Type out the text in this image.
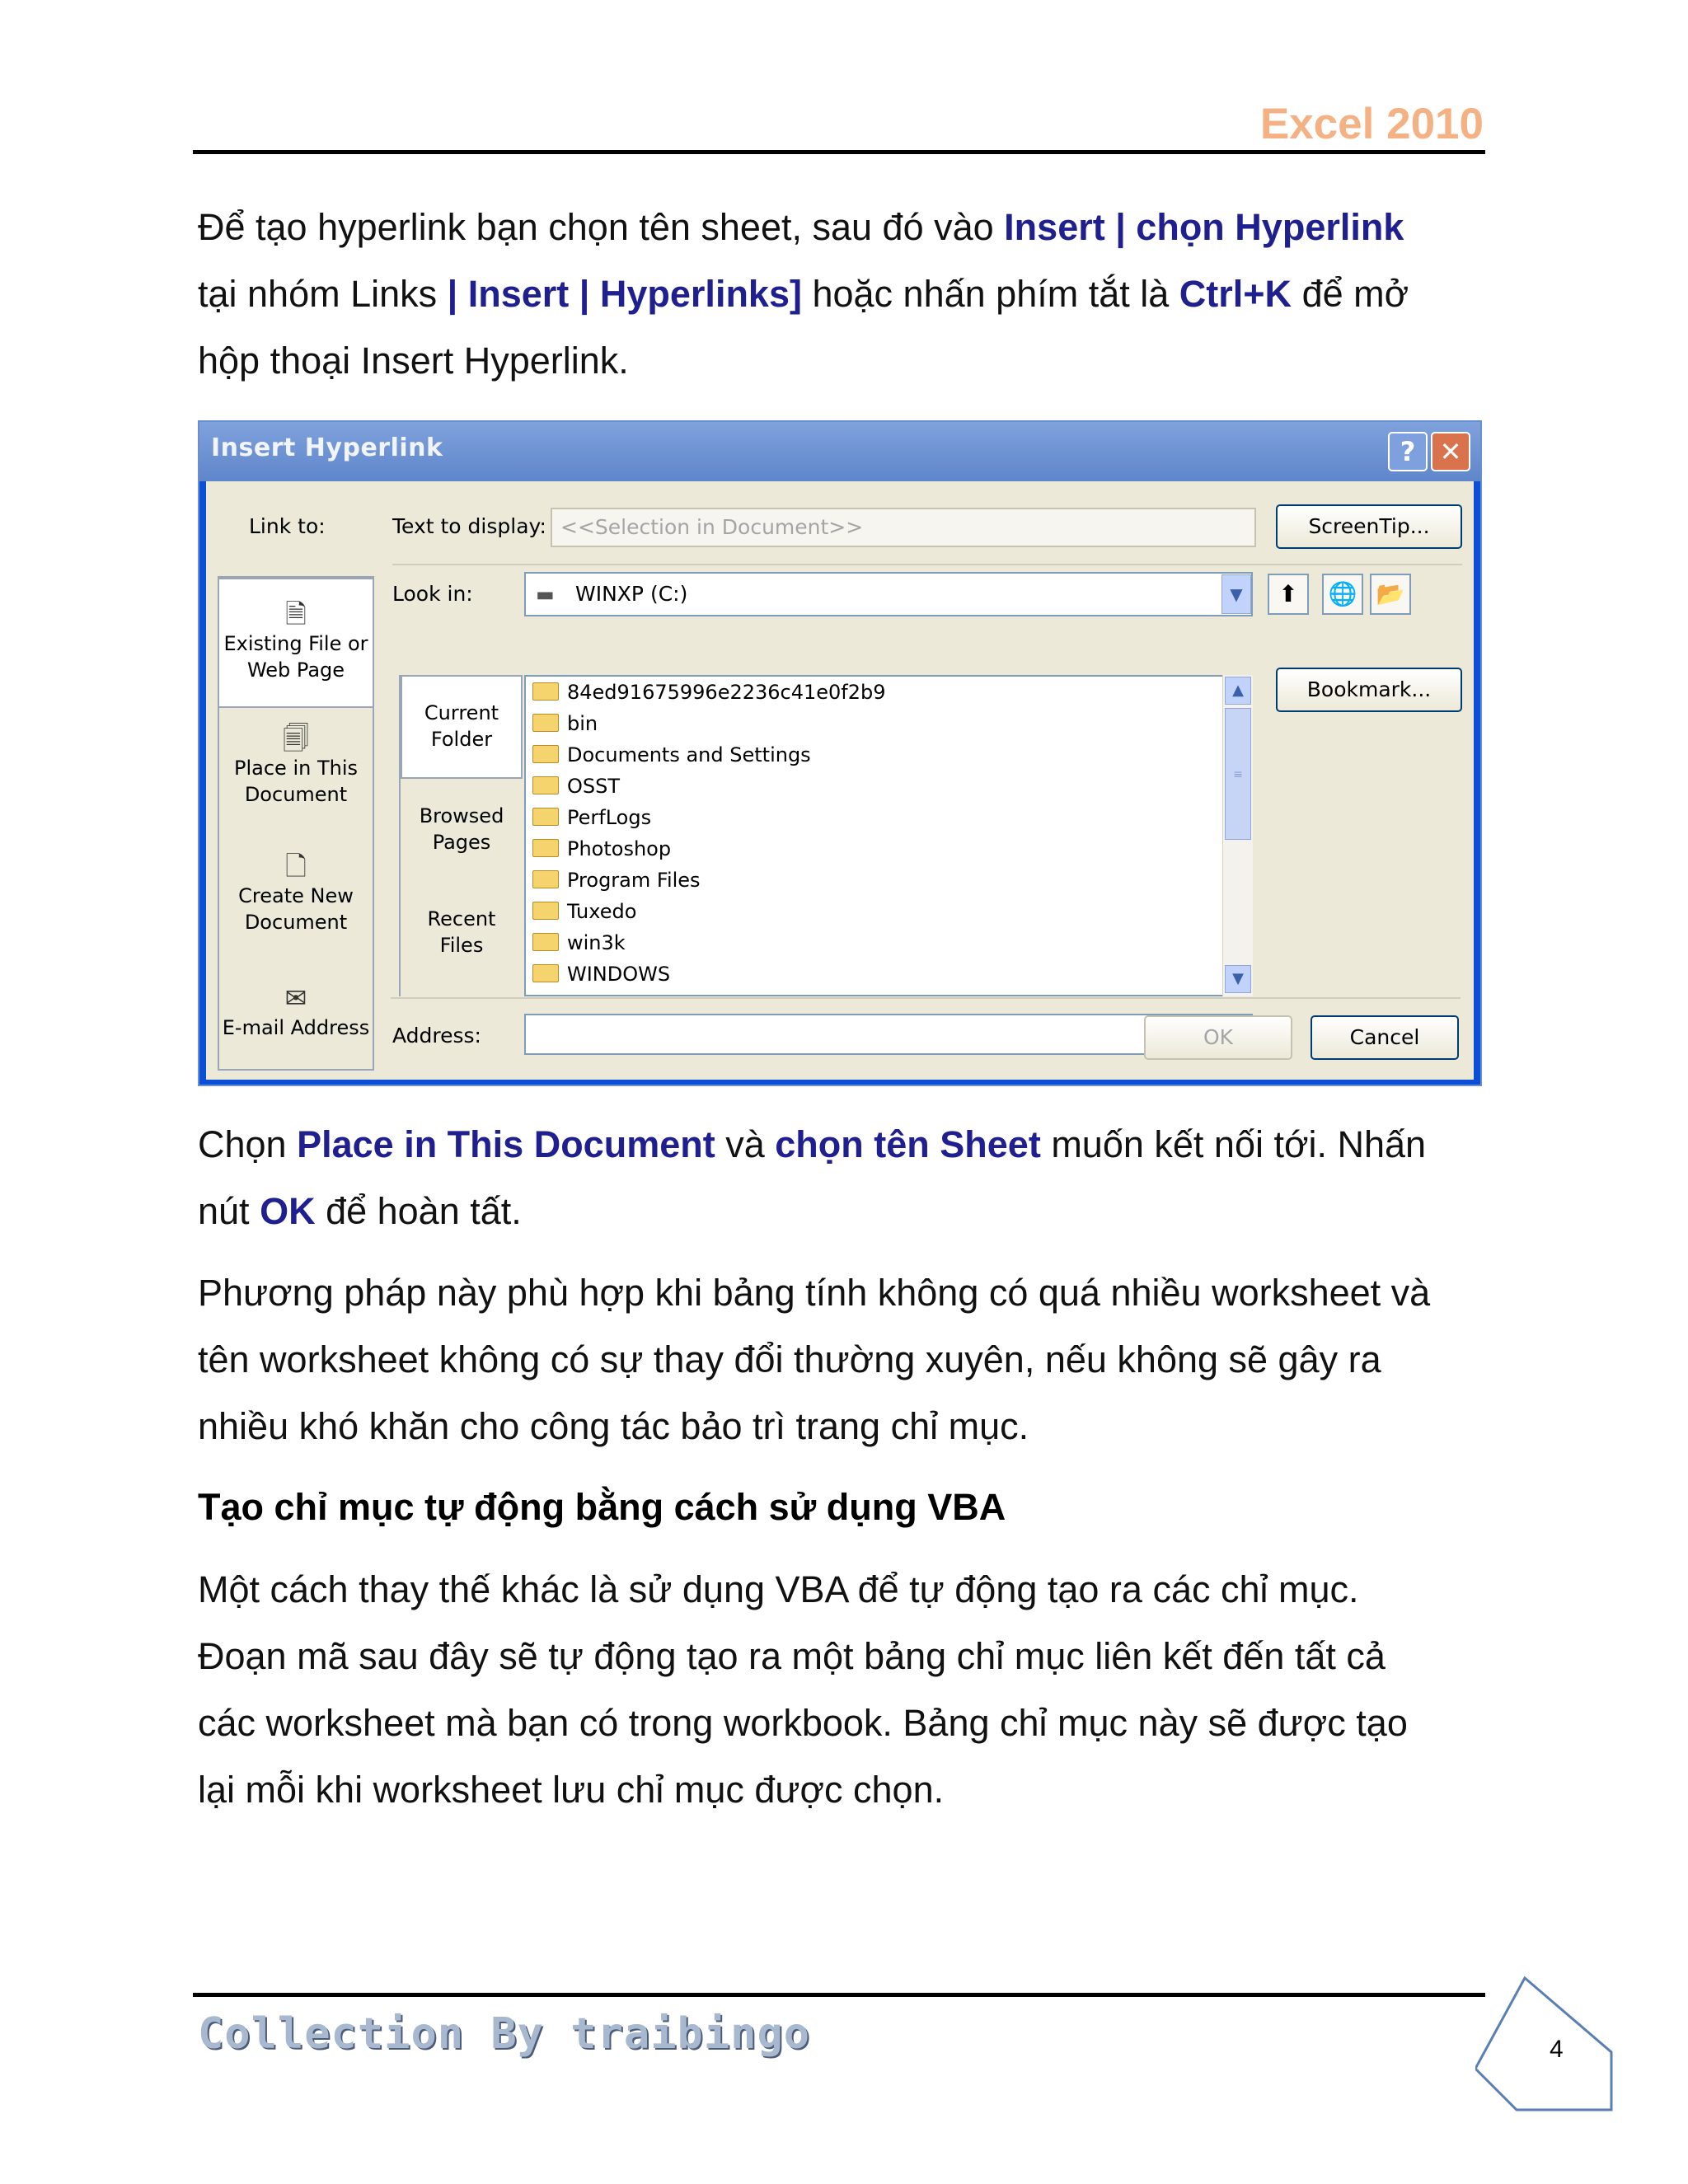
Excel 2010
Để tạo hyperlink bạn chọn tên sheet, sau đó vào Insert | chọn Hyperlink
tại nhóm Links | Insert | Hyperlinks] hoặc nhấn phím tắt là Ctrl+K để mở
hộp thoại Insert Hyperlink.
Insert Hyperlink	? ✕
Link to:	Text to display: <<Selection in Document>>	ScreenTip...
🗎
Existing File or
Web Page
🗐
Place in This
Document
🗋
Create New
Document
✉
E-mail Address
Look in:	▬ WINXP (C:)	▼	⬆	🌐 📂
Bookmark...
Current
Folder
Browsed
Pages
Recent
Files
84ed91675996e2236c41e0f2b9
bin
Documents and Settings
OSST
PerfLogs
Photoshop
Program Files
Tuxedo
win3k
WINDOWS
▲
≡
▼
Address:	OK	Cancel
Chọn Place in This Document và chọn tên Sheet muốn kết nối tới. Nhấn
nút OK để hoàn tất.
Phương pháp này phù hợp khi bảng tính không có quá nhiều worksheet và
tên worksheet không có sự thay đổi thường xuyên, nếu không sẽ gây ra
nhiều khó khăn cho công tác bảo trì trang chỉ mục.
Tạo chỉ mục tự động bằng cách sử dụng VBA
Một cách thay thế khác là sử dụng VBA để tự động tạo ra các chỉ mục.
Đoạn mã sau đây sẽ tự động tạo ra một bảng chỉ mục liên kết đến tất cả
các worksheet mà bạn có trong workbook. Bảng chỉ mục này sẽ được tạo
lại mỗi khi worksheet lưu chỉ mục được chọn.
Collection By traibingo	4
